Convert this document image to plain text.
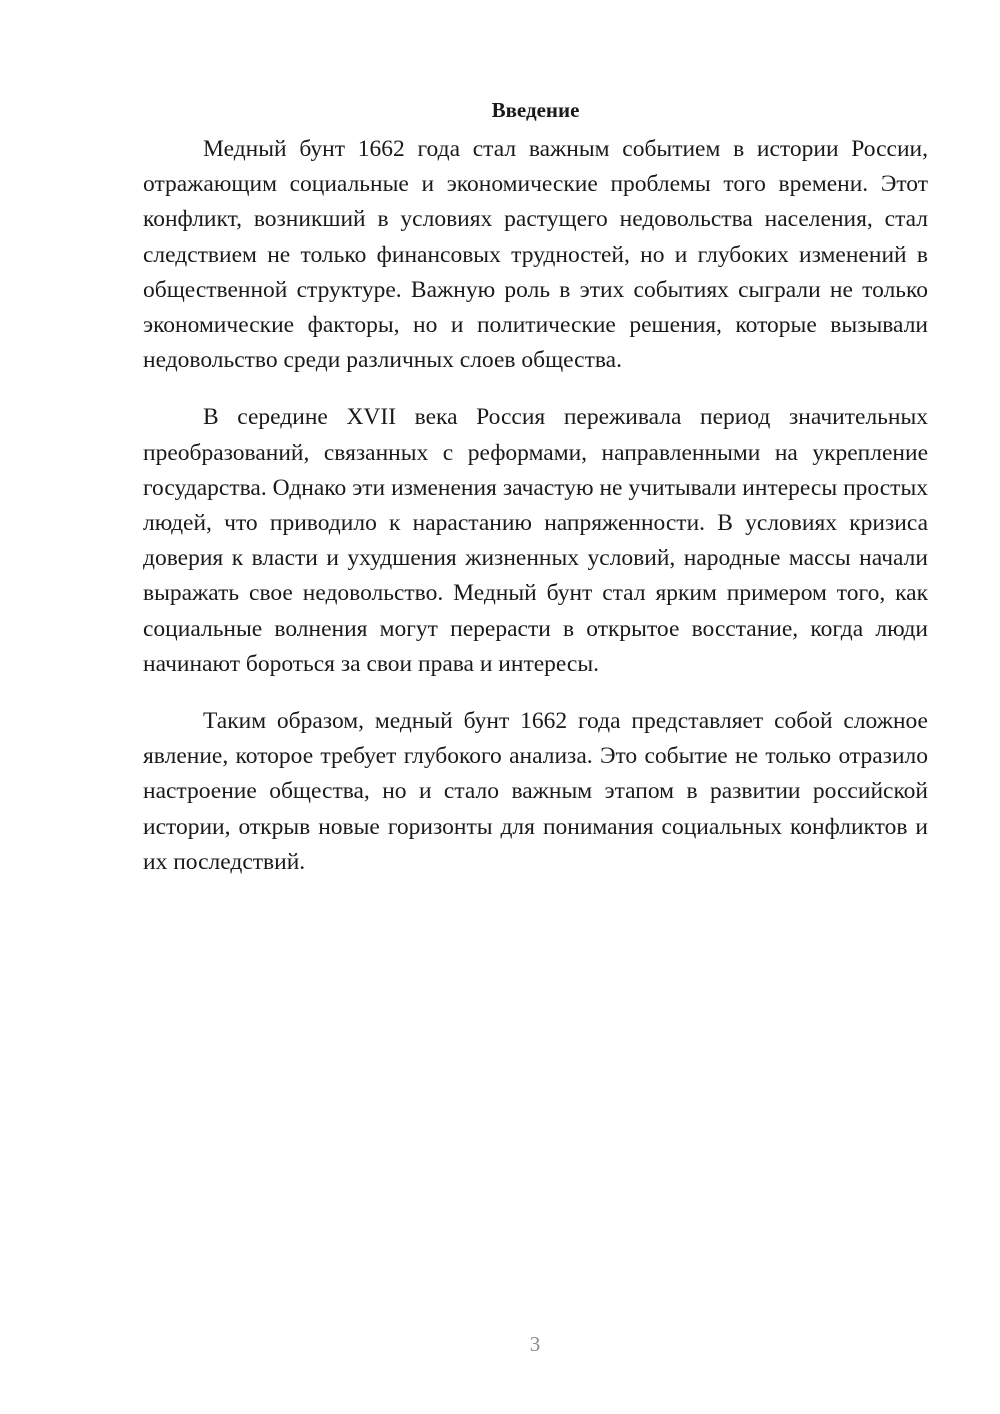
Введение

Медный бунт 1662 года стал важным событием в истории России, отражающим социальные и экономические проблемы того времени. Этот конфликт, возникший в условиях растущего недовольства населения, стал следствием не только финансовых трудностей, но и глубоких изменений в общественной структуре. Важную роль в этих событиях сыграли не только экономические факторы, но и политические решения, которые вызывали недовольство среди различных слоев общества.

В середине XVII века Россия переживала период значительных преобразований, связанных с реформами, направленными на укрепление государства. Однако эти изменения зачастую не учитывали интересы простых людей, что приводило к нарастанию напряженности. В условиях кризиса доверия к власти и ухудшения жизненных условий, народные массы начали выражать свое недовольство. Медный бунт стал ярким примером того, как социальные волнения могут перерасти в открытое восстание, когда люди начинают бороться за свои права и интересы.

Таким образом, медный бунт 1662 года представляет собой сложное явление, которое требует глубокого анализа. Это событие не только отразило настроение общества, но и стало важным этапом в развитии российской истории, открыв новые горизонты для понимания социальных конфликтов и их последствий.

3
